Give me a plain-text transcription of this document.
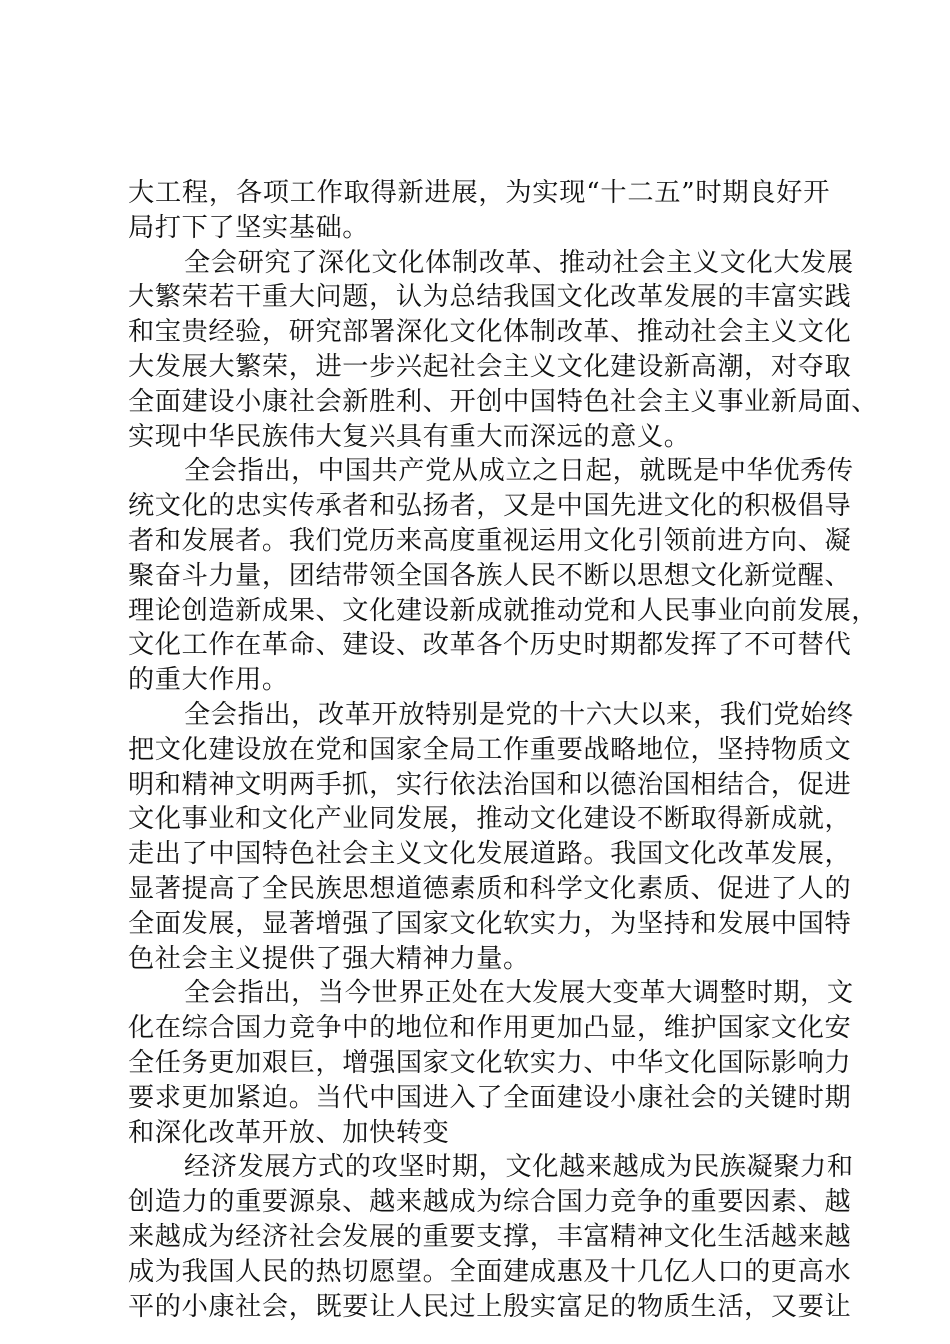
大工程，各项工作取得新进展，为实现“十二五”时期良好开
局打下了坚实基础。
全会研究了深化文化体制改革、推动社会主义文化大发展
大繁荣若干重大问题，认为总结我国文化改革发展的丰富实践
和宝贵经验，研究部署深化文化体制改革、推动社会主义文化
大发展大繁荣，进一步兴起社会主义文化建设新高潮，对夺取
全面建设小康社会新胜利、开创中国特色社会主义事业新局面、
实现中华民族伟大复兴具有重大而深远的意义。
全会指出，中国共产党从成立之日起，就既是中华优秀传
统文化的忠实传承者和弘扬者，又是中国先进文化的积极倡导
者和发展者。我们党历来高度重视运用文化引领前进方向、凝
聚奋斗力量，团结带领全国各族人民不断以思想文化新觉醒、
理论创造新成果、文化建设新成就推动党和人民事业向前发展，
文化工作在革命、建设、改革各个历史时期都发挥了不可替代
的重大作用。
全会指出，改革开放特别是党的十六大以来，我们党始终
把文化建设放在党和国家全局工作重要战略地位，坚持物质文
明和精神文明两手抓，实行依法治国和以德治国相结合，促进
文化事业和文化产业同发展，推动文化建设不断取得新成就，
走出了中国特色社会主义文化发展道路。我国文化改革发展，
显著提高了全民族思想道德素质和科学文化素质、促进了人的
全面发展，显著增强了国家文化软实力，为坚持和发展中国特
色社会主义提供了强大精神力量。
全会指出，当今世界正处在大发展大变革大调整时期，文
化在综合国力竞争中的地位和作用更加凸显，维护国家文化安
全任务更加艰巨，增强国家文化软实力、中华文化国际影响力
要求更加紧迫。当代中国进入了全面建设小康社会的关键时期
和深化改革开放、加快转变
经济发展方式的攻坚时期，文化越来越成为民族凝聚力和
创造力的重要源泉、越来越成为综合国力竞争的重要因素、越
来越成为经济社会发展的重要支撑，丰富精神文化生活越来越
成为我国人民的热切愿望。全面建成惠及十几亿人口的更高水
平的小康社会，既要让人民过上殷实富足的物质生活，又要让
